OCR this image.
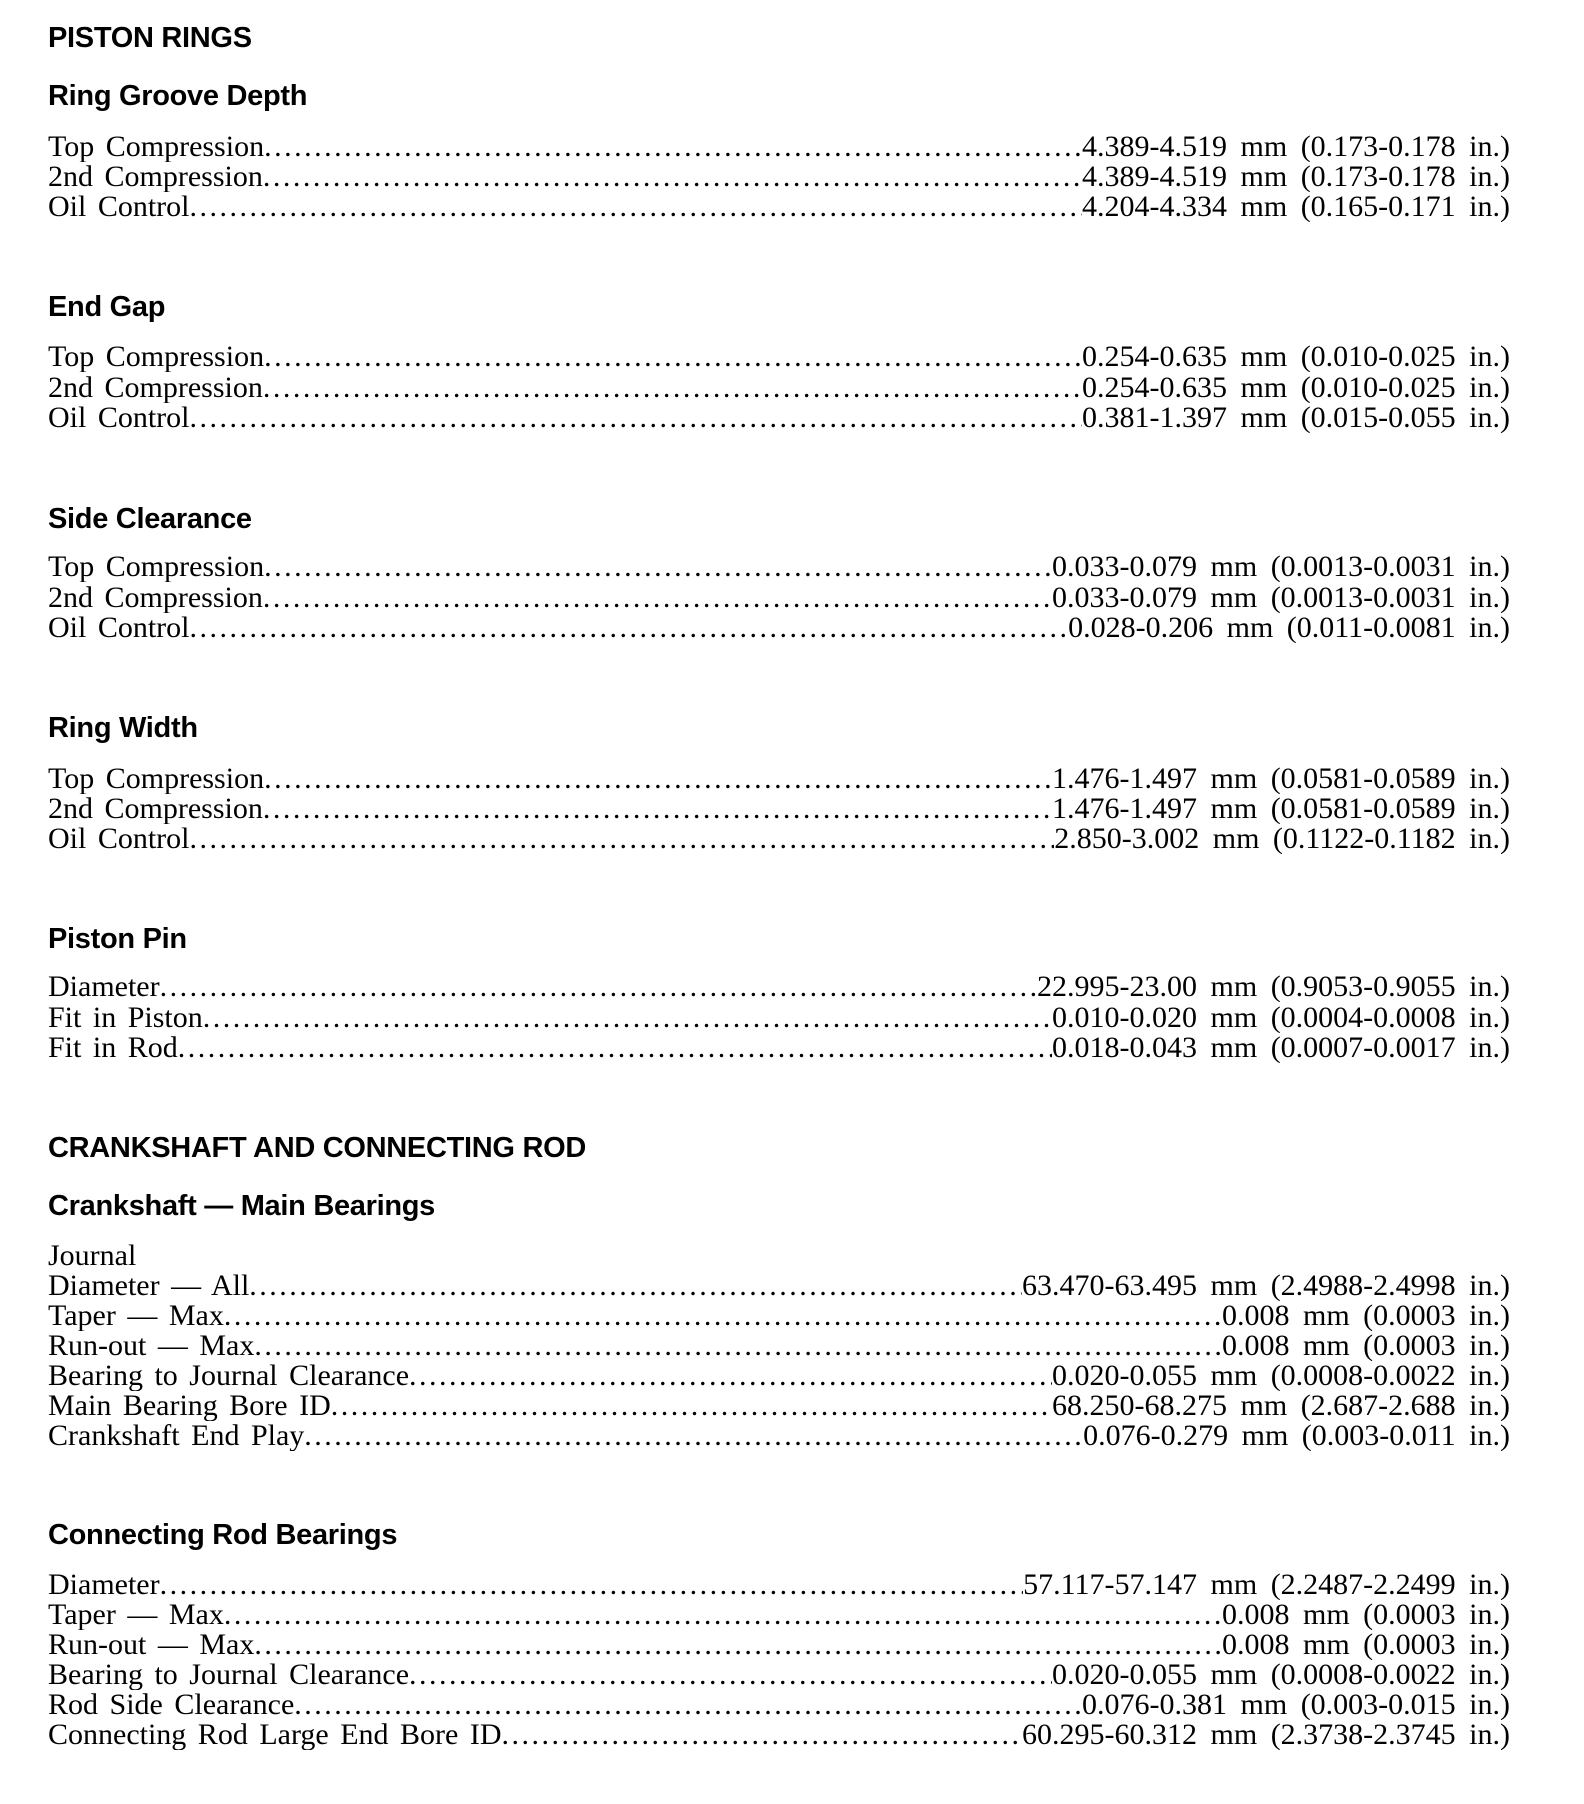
PISTON RINGS
Ring Groove Depth
Top Compression .....	4.389-4.519 mm (0.173-0.178 in.)
2nd Compression .....	4.389-4.519 mm (0.173-0.178 in.)
Oil Control .....	4.204-4.334 mm (0.165-0.171 in.)
End Gap
Top Compression .....	0.254-0.635 mm (0.010-0.025 in.)
2nd Compression .....	0.254-0.635 mm (0.010-0.025 in.)
Oil Control .....	0.381-1.397 mm (0.015-0.055 in.)
Side Clearance
Top Compression .....	0.033-0.079 mm (0.0013-0.0031 in.)
2nd Compression .....	0.033-0.079 mm (0.0013-0.0031 in.)
Oil Control .....	0.028-0.206 mm (0.011-0.0081 in.)
Ring Width
Top Compression .....	1.476-1.497 mm (0.0581-0.0589 in.)
2nd Compression .....	1.476-1.497 mm (0.0581-0.0589 in.)
Oil Control .....	2.850-3.002 mm (0.1122-0.1182 in.)
Piston Pin
Diameter .....	22.995-23.00 mm (0.9053-0.9055 in.)
Fit in Piston .....	0.010-0.020 mm (0.0004-0.0008 in.)
Fit in Rod .....	0.018-0.043 mm (0.0007-0.0017 in.)
CRANKSHAFT AND CONNECTING ROD
Crankshaft — Main Bearings
Journal
Diameter — All .....	63.470-63.495 mm (2.4988-2.4998 in.)
Taper — Max .....	0.008 mm (0.0003 in.)
Run-out — Max .....	0.008 mm (0.0003 in.)
Bearing to Journal Clearance .....	0.020-0.055 mm (0.0008-0.0022 in.)
Main Bearing Bore ID .....	68.250-68.275 mm (2.687-2.688 in.)
Crankshaft End Play .....	0.076-0.279 mm (0.003-0.011 in.)
Connecting Rod Bearings
Diameter .....	57.117-57.147 mm (2.2487-2.2499 in.)
Taper — Max .....	0.008 mm (0.0003 in.)
Run-out — Max .....	0.008 mm (0.0003 in.)
Bearing to Journal Clearance .....	0.020-0.055 mm (0.0008-0.0022 in.)
Rod Side Clearance .....	0.076-0.381 mm (0.003-0.015 in.)
Connecting Rod Large End Bore ID .....	60.295-60.312 mm (2.3738-2.3745 in.)
